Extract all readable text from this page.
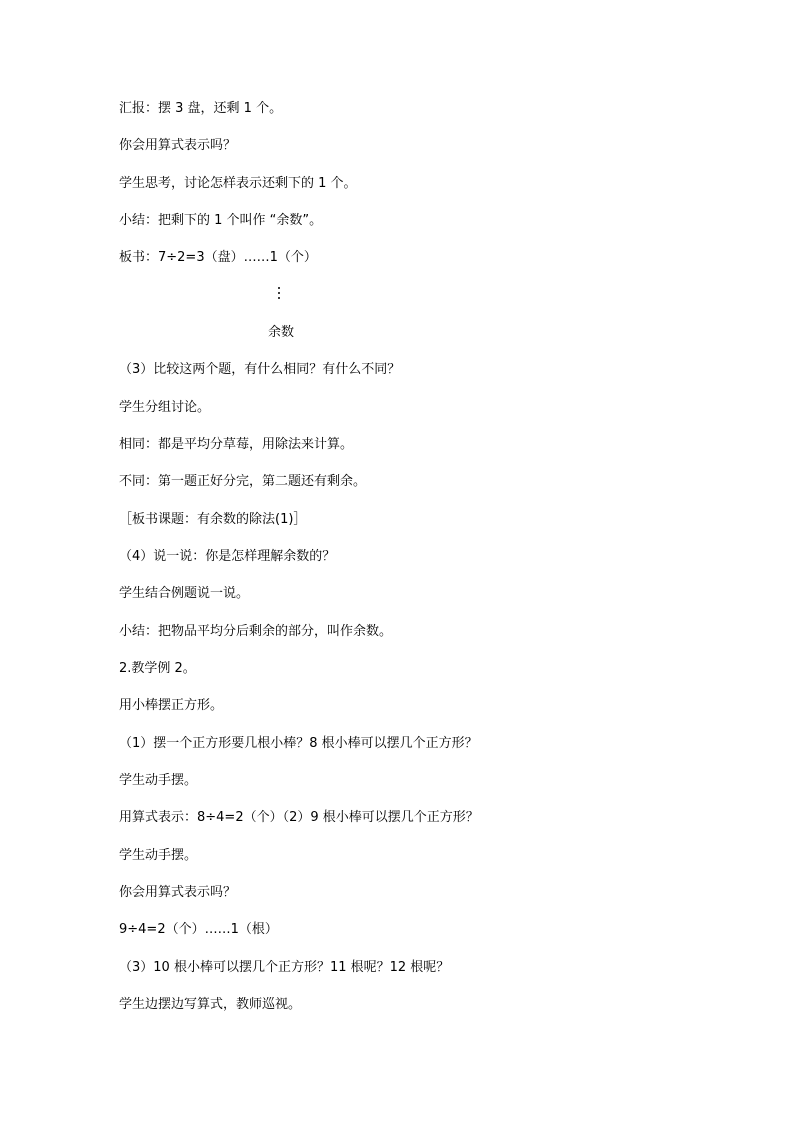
汇报：摆 3 盘，还剩 1 个。
你会用算式表示吗？
学生思考，讨论怎样表示还剩下的 1 个。
小结：把剩下的 1 个叫作 “余数”。
板书：7÷2=3（盘）……1（个）
余数
（3）比较这两个题，有什么相同？有什么不同？
学生分组讨论。
相同：都是平均分草莓，用除法来计算。
不同：第一题正好分完，第二题还有剩余。
［板书课题：有余数的除法(1)］
（4）说一说：你是怎样理解余数的？
学生结合例题说一说。
小结：把物品平均分后剩余的部分，叫作余数。
2.教学例 2。
用小棒摆正方形。
（1）摆一个正方形要几根小棒？8 根小棒可以摆几个正方形？
学生动手摆。
用算式表示：8÷4=2（个）（2）9 根小棒可以摆几个正方形？
学生动手摆。
你会用算式表示吗？
9÷4=2（个）……1（根）
（3）10 根小棒可以摆几个正方形？11 根呢？12 根呢？
学生边摆边写算式，教师巡视。
